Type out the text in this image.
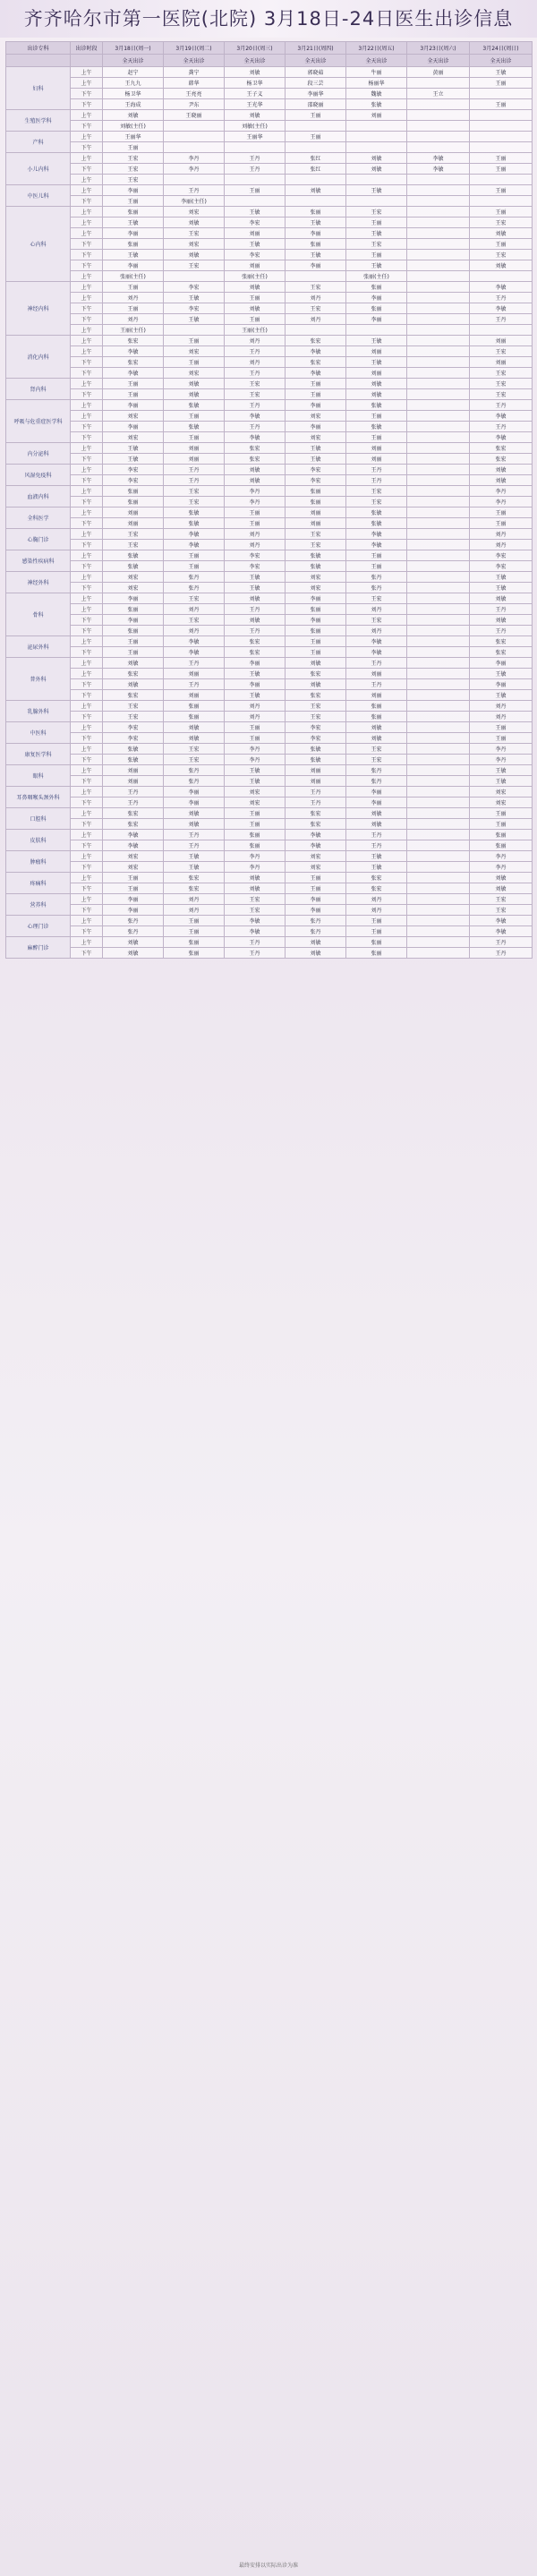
齐齐哈尔市第一医院(北院) 3月18日-24日医生出诊信息
出诊专科	出诊时段	3月18日(周一)	3月19日(周二)	3月20日(周三)	3月21日(周四)	3月22日(周五)	3月23日(周六)	3月24日(周日)
		全天出诊	全天出诊	全天出诊	全天出诊	全天出诊	全天出诊	全天出诊
妇科	上午	赵宁	龚宁	刘敏	郭晓茹	牛丽	黄丽	王敏
	上午	王九九	韩华	杨卫华	段三芸	杨丽华		王丽
	下午	杨卫华	王亮亮	王子义	李丽华	魏敏	王立	
	下午	王海成	尹东	王光华	邵晓丽	张敏		王丽
生殖医学科	上午	刘敏	王晓丽	刘敏	王丽	刘丽		
	下午	刘敏(主任)		刘敏(主任)				
产科	上午	王丽华		王丽华	王丽			
	下午	王丽						
小儿内科	上午	王宏	李丹	王丹	张红	刘敏	李敏	王丽
	下午	王宏	李丹	王丹	张红	刘敏	李敏	王丽
	上午	王宏						
中医儿科	上午	李丽	王丹	王丽	刘敏	王敏		王丽
	下午	王丽	李丽(主任)					
心内科	上午	张丽	刘宏	王敏	张丽	王宏		王丽
	上午	王敏	刘敏	李宏	王敏	王丽		王宏
	上午	李丽	王宏	刘丽	李丽	王敏		刘敏
	下午	张丽	刘宏	王敏	张丽	王宏		王丽
	下午	王敏	刘敏	李宏	王敏	王丽		王宏
	下午	李丽	王宏	刘丽	李丽	王敏		刘敏
	上午	张丽(主任)		张丽(主任)		张丽(主任)		
神经内科	上午	王丽	李宏	刘敏	王宏	张丽		李敏
	上午	刘丹	王敏	王丽	刘丹	李丽		王丹
	下午	王丽	李宏	刘敏	王宏	张丽		李敏
	下午	刘丹	王敏	王丽	刘丹	李丽		王丹
	上午	王丽(主任)		王丽(主任)				
消化内科	上午	张宏	王丽	刘丹	张宏	王敏		刘丽
	上午	李敏	刘宏	王丹	李敏	刘丽		王宏
	下午	张宏	王丽	刘丹	张宏	王敏		刘丽
	下午	李敏	刘宏	王丹	李敏	刘丽		王宏
肾内科	上午	王丽	刘敏	王宏	王丽	刘敏		王宏
	下午	王丽	刘敏	王宏	王丽	刘敏		王宏
呼吸与危重症医学科	上午	李丽	张敏	王丹	李丽	张敏		王丹
	上午	刘宏	王丽	李敏	刘宏	王丽		李敏
	下午	李丽	张敏	王丹	李丽	张敏		王丹
	下午	刘宏	王丽	李敏	刘宏	王丽		李敏
内分泌科	上午	王敏	刘丽	张宏	王敏	刘丽		张宏
	下午	王敏	刘丽	张宏	王敏	刘丽		张宏
风湿免疫科	上午	李宏	王丹	刘敏	李宏	王丹		刘敏
	下午	李宏	王丹	刘敏	李宏	王丹		刘敏
血液内科	上午	张丽	王宏	李丹	张丽	王宏		李丹
	下午	张丽	王宏	李丹	张丽	王宏		李丹
全科医学	上午	刘丽	张敏	王丽	刘丽	张敏		王丽
	下午	刘丽	张敏	王丽	刘丽	张敏		王丽
心胸门诊	上午	王宏	李敏	刘丹	王宏	李敏		刘丹
	下午	王宏	李敏	刘丹	王宏	李敏		刘丹
感染性疾病科	上午	张敏	王丽	李宏	张敏	王丽		李宏
	下午	张敏	王丽	李宏	张敏	王丽		李宏
神经外科	上午	刘宏	张丹	王敏	刘宏	张丹		王敏
	下午	刘宏	张丹	王敏	刘宏	张丹		王敏
骨科	上午	李丽	王宏	刘敏	李丽	王宏		刘敏
	上午	张丽	刘丹	王丹	张丽	刘丹		王丹
	下午	李丽	王宏	刘敏	李丽	王宏		刘敏
	下午	张丽	刘丹	王丹	张丽	刘丹		王丹
泌尿外科	上午	王丽	李敏	张宏	王丽	李敏		张宏
	下午	王丽	李敏	张宏	王丽	李敏		张宏
普外科	上午	刘敏	王丹	李丽	刘敏	王丹		李丽
	上午	张宏	刘丽	王敏	张宏	刘丽		王敏
	下午	刘敏	王丹	李丽	刘敏	王丹		李丽
	下午	张宏	刘丽	王敏	张宏	刘丽		王敏
乳腺外科	上午	王宏	张丽	刘丹	王宏	张丽		刘丹
	下午	王宏	张丽	刘丹	王宏	张丽		刘丹
中医科	上午	李宏	刘敏	王丽	李宏	刘敏		王丽
	下午	李宏	刘敏	王丽	李宏	刘敏		王丽
康复医学科	上午	张敏	王宏	李丹	张敏	王宏		李丹
	下午	张敏	王宏	李丹	张敏	王宏		李丹
眼科	上午	刘丽	张丹	王敏	刘丽	张丹		王敏
	下午	刘丽	张丹	王敏	刘丽	张丹		王敏
耳鼻咽喉头颈外科	上午	王丹	李丽	刘宏	王丹	李丽		刘宏
	下午	王丹	李丽	刘宏	王丹	李丽		刘宏
口腔科	上午	张宏	刘敏	王丽	张宏	刘敏		王丽
	下午	张宏	刘敏	王丽	张宏	刘敏		王丽
皮肤科	上午	李敏	王丹	张丽	李敏	王丹		张丽
	下午	李敏	王丹	张丽	李敏	王丹		张丽
肿瘤科	上午	刘宏	王敏	李丹	刘宏	王敏		李丹
	下午	刘宏	王敏	李丹	刘宏	王敏		李丹
疼痛科	上午	王丽	张宏	刘敏	王丽	张宏		刘敏
	下午	王丽	张宏	刘敏	王丽	张宏		刘敏
营养科	上午	李丽	刘丹	王宏	李丽	刘丹		王宏
	下午	李丽	刘丹	王宏	李丽	刘丹		王宏
心理门诊	上午	张丹	王丽	李敏	张丹	王丽		李敏
	下午	张丹	王丽	李敏	张丹	王丽		李敏
麻醉门诊	上午	刘敏	张丽	王丹	刘敏	张丽		王丹
	下午	刘敏	张丽	王丹	刘敏	张丽		王丹
最终安排以实际出诊为准
